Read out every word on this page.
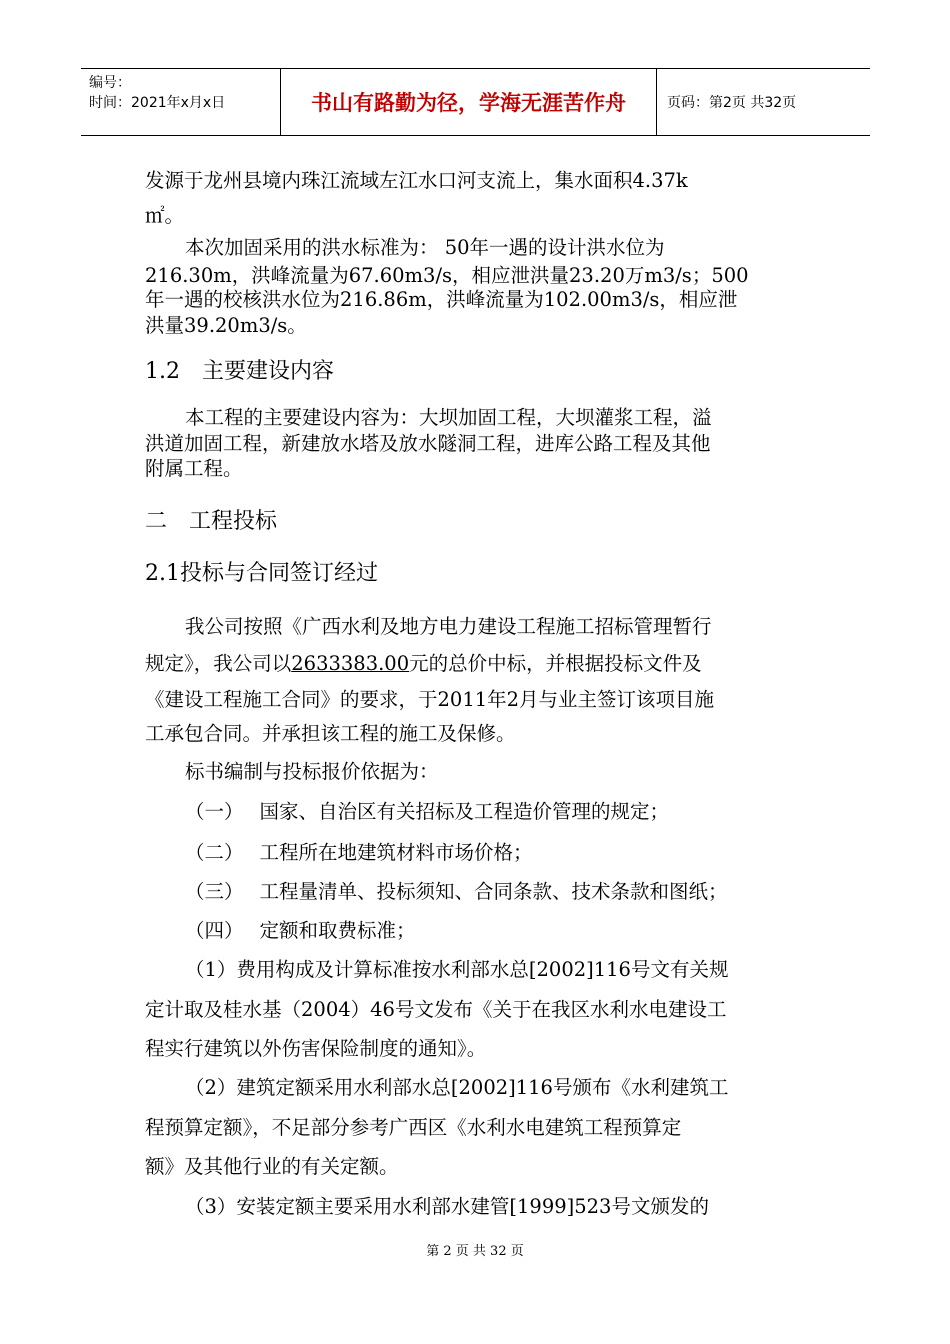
编号：
时间：2021年x月x日	书山有路勤为径，学海无涯苦作舟	页码：第2页 共32页
发源于龙州县境内珠江流域左江水口河支流上，集水面积4.37k
㎡。
本次加固采用的洪水标准为： 50年一遇的设计洪水位为
216.30m，洪峰流量为67.60m3/s，相应泄洪量23.20万m3/s；500
年一遇的校核洪水位为216.86m，洪峰流量为102.00m3/s，相应泄
洪量39.20m3/s。
1.2　主要建设内容
本工程的主要建设内容为：大坝加固工程，大坝灌浆工程，溢
洪道加固工程，新建放水塔及放水隧洞工程，进库公路工程及其他
附属工程。
二　工程投标
2.1投标与合同签订经过
我公司按照《广西水利及地方电力建设工程施工招标管理暂行
规定》，我公司以2633383.00元的总价中标，并根据投标文件及
《建设工程施工合同》的要求，于2011年2月与业主签订该项目施
工承包合同。并承担该工程的施工及保修。
标书编制与投标报价依据为：
（一）　 国家、自治区有关招标及工程造价管理的规定；
（二）　 工程所在地建筑材料市场价格；
（三）　 工程量清单、投标须知、合同条款、技术条款和图纸；
（四）　 定额和取费标准；
（1）费用构成及计算标准按水利部水总[2002]116号文有关规
定计取及桂水基（2004）46号文发布《关于在我区水利水电建设工
程实行建筑以外伤害保险制度的通知》。
（2）建筑定额采用水利部水总[2002]116号颁布《水利建筑工
程预算定额》，不足部分参考广西区《水利水电建筑工程预算定
额》及其他行业的有关定额。
（3）安装定额主要采用水利部水建管[1999]523号文颁发的
第 2 页 共 32 页
